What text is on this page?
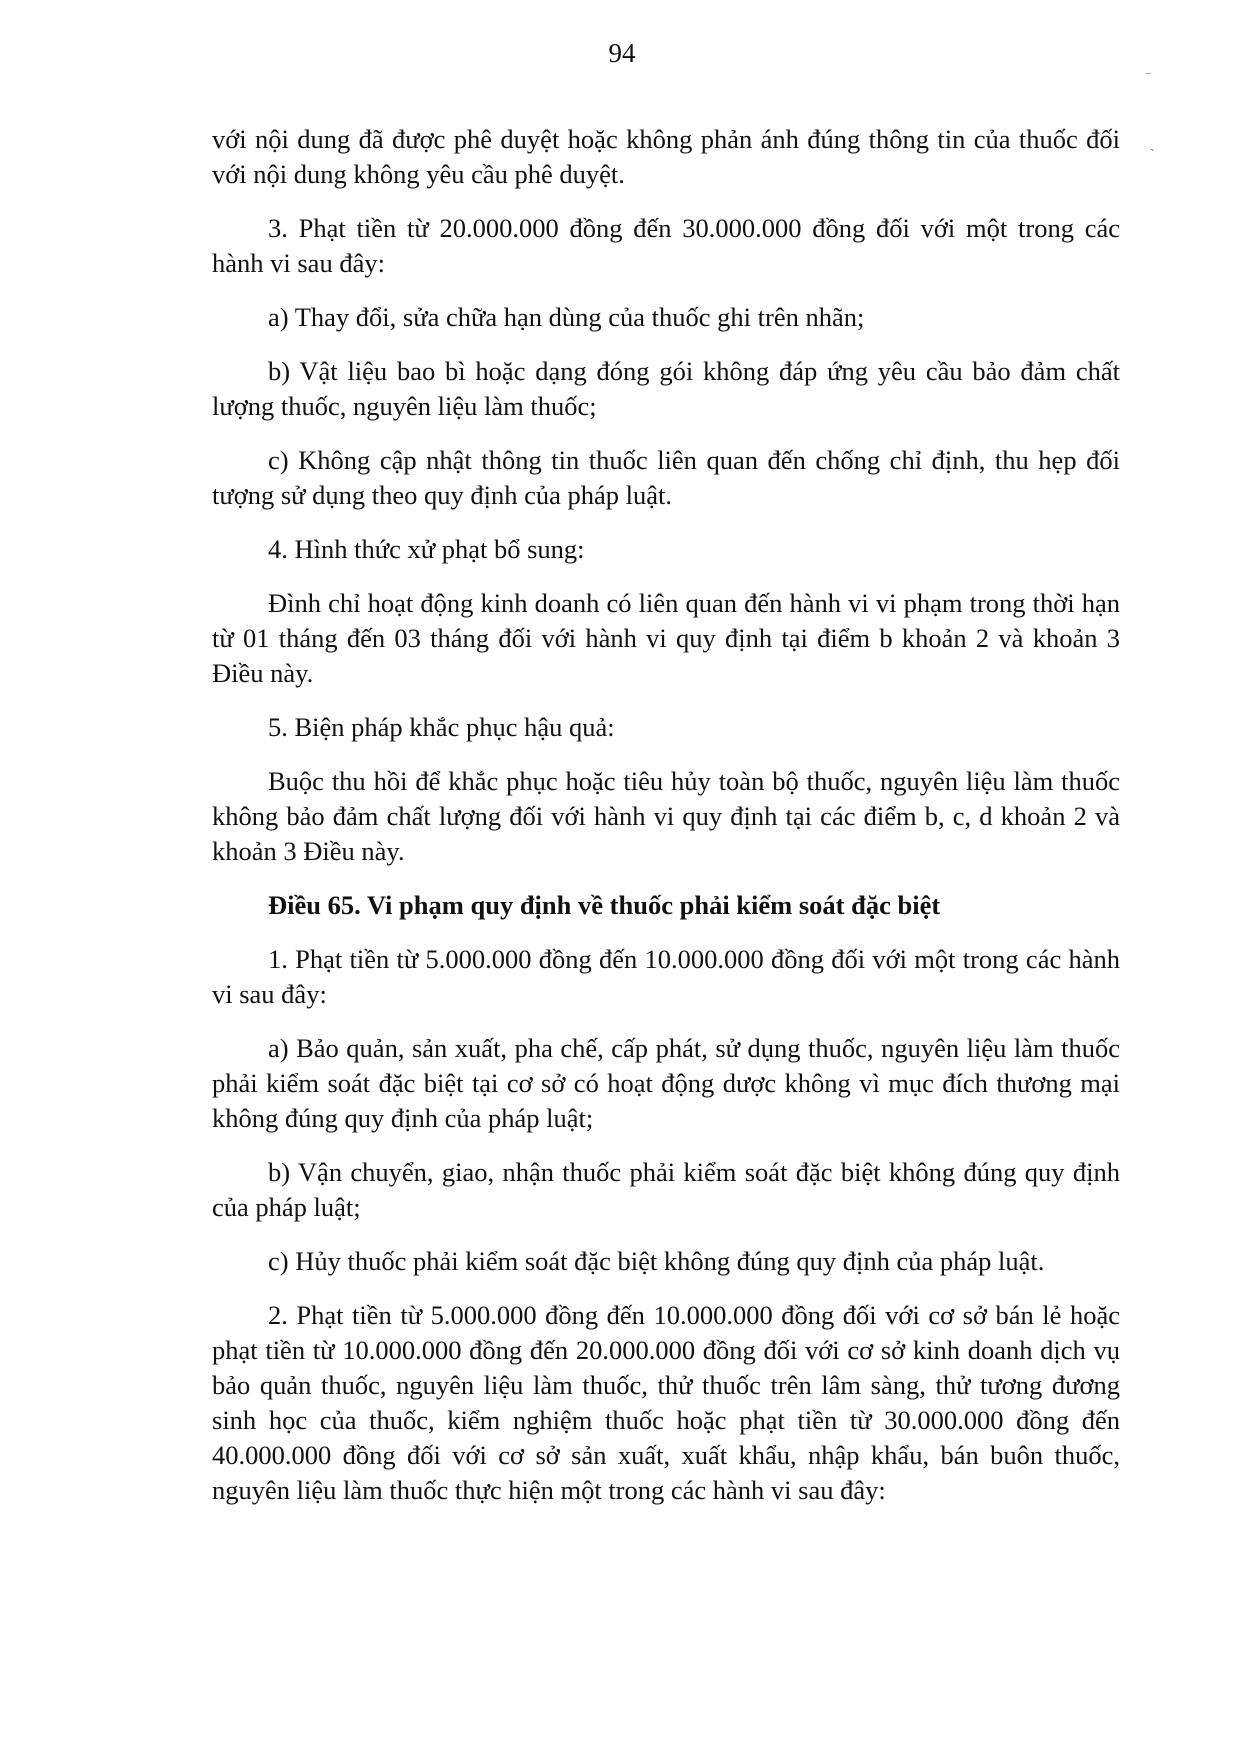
94

với nội dung đã được phê duyệt hoặc không phản ánh đúng thông tin của thuốc đối với nội dung không yêu cầu phê duyệt.

3. Phạt tiền từ 20.000.000 đồng đến 30.000.000 đồng đối với một trong các hành vi sau đây:

a) Thay đổi, sửa chữa hạn dùng của thuốc ghi trên nhãn;

b) Vật liệu bao bì hoặc dạng đóng gói không đáp ứng yêu cầu bảo đảm chất lượng thuốc, nguyên liệu làm thuốc;

c) Không cập nhật thông tin thuốc liên quan đến chống chỉ định, thu hẹp đối tượng sử dụng theo quy định của pháp luật.

4. Hình thức xử phạt bổ sung:

Đình chỉ hoạt động kinh doanh có liên quan đến hành vi vi phạm trong thời hạn từ 01 tháng đến 03 tháng đối với hành vi quy định tại điểm b khoản 2 và khoản 3 Điều này.

5. Biện pháp khắc phục hậu quả:

Buộc thu hồi để khắc phục hoặc tiêu hủy toàn bộ thuốc, nguyên liệu làm thuốc không bảo đảm chất lượng đối với hành vi quy định tại các điểm b, c, d khoản 2 và khoản 3 Điều này.

Điều 65. Vi phạm quy định về thuốc phải kiểm soát đặc biệt

1. Phạt tiền từ 5.000.000 đồng đến 10.000.000 đồng đối với một trong các hành vi sau đây:

a) Bảo quản, sản xuất, pha chế, cấp phát, sử dụng thuốc, nguyên liệu làm thuốc phải kiểm soát đặc biệt tại cơ sở có hoạt động dược không vì mục đích thương mại không đúng quy định của pháp luật;

b) Vận chuyển, giao, nhận thuốc phải kiểm soát đặc biệt không đúng quy định của pháp luật;

c) Hủy thuốc phải kiểm soát đặc biệt không đúng quy định của pháp luật.

2. Phạt tiền từ 5.000.000 đồng đến 10.000.000 đồng đối với cơ sở bán lẻ hoặc phạt tiền từ 10.000.000 đồng đến 20.000.000 đồng đối với cơ sở kinh doanh dịch vụ bảo quản thuốc, nguyên liệu làm thuốc, thử thuốc trên lâm sàng, thử tương đương sinh học của thuốc, kiểm nghiệm thuốc hoặc phạt tiền từ 30.000.000 đồng đến 40.000.000 đồng đối với cơ sở sản xuất, xuất khẩu, nhập khẩu, bán buôn thuốc, nguyên liệu làm thuốc thực hiện một trong các hành vi sau đây:

‾
ˏ
